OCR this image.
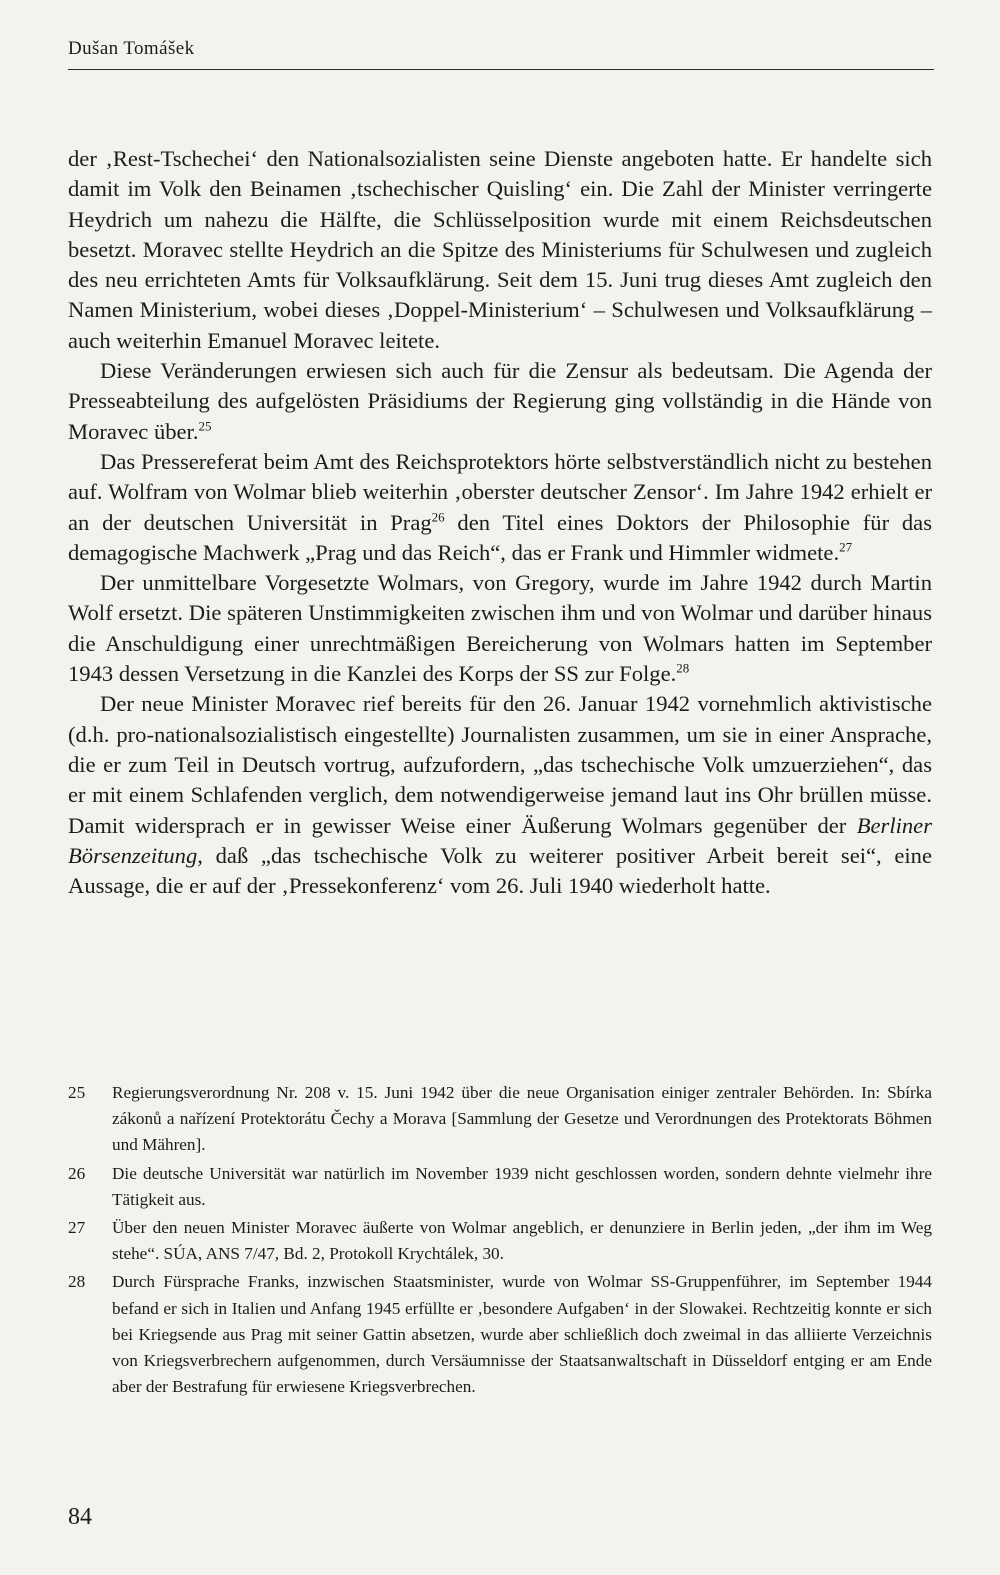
Dušan Tomášek

der ‚Rest-Tschechei‘ den Nationalsozialisten seine Dienste angeboten hatte. Er handelte sich damit im Volk den Beinamen ‚tschechischer Quisling‘ ein. Die Zahl der Minister verringerte Heydrich um nahezu die Hälfte, die Schlüsselposition wurde mit einem Reichsdeutschen besetzt. Moravec stellte Heydrich an die Spitze des Ministeriums für Schulwesen und zugleich des neu errichteten Amts für Volksaufklärung. Seit dem 15. Juni trug dieses Amt zugleich den Namen Ministerium, wobei dieses ‚Doppel-Ministerium‘ – Schulwesen und Volksaufklärung – auch weiterhin Emanuel Moravec leitete.

Diese Veränderungen erwiesen sich auch für die Zensur als bedeutsam. Die Agenda der Presseabteilung des aufgelösten Präsidiums der Regierung ging vollständig in die Hände von Moravec über.$^{25}$

Das Pressereferat beim Amt des Reichsprotektors hörte selbstverständlich nicht zu bestehen auf. Wolfram von Wolmar blieb weiterhin ‚oberster deutscher Zensor‘. Im Jahre 1942 erhielt er an der deutschen Universität in Prag$^{26}$ den Titel eines Doktors der Philosophie für das demagogische Machwerk „Prag und das Reich“, das er Frank und Himmler widmete.$^{27}$

Der unmittelbare Vorgesetzte Wolmars, von Gregory, wurde im Jahre 1942 durch Martin Wolf ersetzt. Die späteren Unstimmigkeiten zwischen ihm und von Wolmar und darüber hinaus die Anschuldigung einer unrechtmäßigen Bereicherung von Wolmars hatten im September 1943 dessen Versetzung in die Kanzlei des Korps der SS zur Folge.$^{28}$

Der neue Minister Moravec rief bereits für den 26. Januar 1942 vornehmlich aktivistische (d.h. pro-nationalsozialistisch eingestellte) Journalisten zusammen, um sie in einer Ansprache, die er zum Teil in Deutsch vortrug, aufzufordern, „das tschechische Volk umzuerziehen“, das er mit einem Schlafenden verglich, dem notwendigerweise jemand laut ins Ohr brüllen müsse. Damit widersprach er in gewisser Weise einer Äußerung Wolmars gegenüber der Berliner Börsenzeitung, daß „das tschechische Volk zu weiterer positiver Arbeit bereit sei“, eine Aussage, die er auf der ‚Pressekonferenz‘ vom 26. Juli 1940 wiederholt hatte.

25	Regierungsverordnung Nr. 208 v. 15. Juni 1942 über die neue Organisation einiger zentraler Behörden. In: Sbírka zákonů a nařízení Protektorátu Čechy a Morava [Sammlung der Gesetze und Verordnungen des Protektorats Böhmen und Mähren].
26	Die deutsche Universität war natürlich im November 1939 nicht geschlossen worden, sondern dehnte vielmehr ihre Tätigkeit aus.
27	Über den neuen Minister Moravec äußerte von Wolmar angeblich, er denunziere in Berlin jeden, „der ihm im Weg stehe“. SÚA, ANS 7/47, Bd. 2, Protokoll Krychtálek, 30.
28	Durch Fürsprache Franks, inzwischen Staatsminister, wurde von Wolmar SS-Gruppenführer, im September 1944 befand er sich in Italien und Anfang 1945 erfüllte er ‚besondere Aufgaben‘ in der Slowakei. Rechtzeitig konnte er sich bei Kriegsende aus Prag mit seiner Gattin absetzen, wurde aber schließlich doch zweimal in das alliierte Verzeichnis von Kriegsverbrechern aufgenommen, durch Versäumnisse der Staatsanwaltschaft in Düsseldorf entging er am Ende aber der Bestrafung für erwiesene Kriegsverbrechen.
84
